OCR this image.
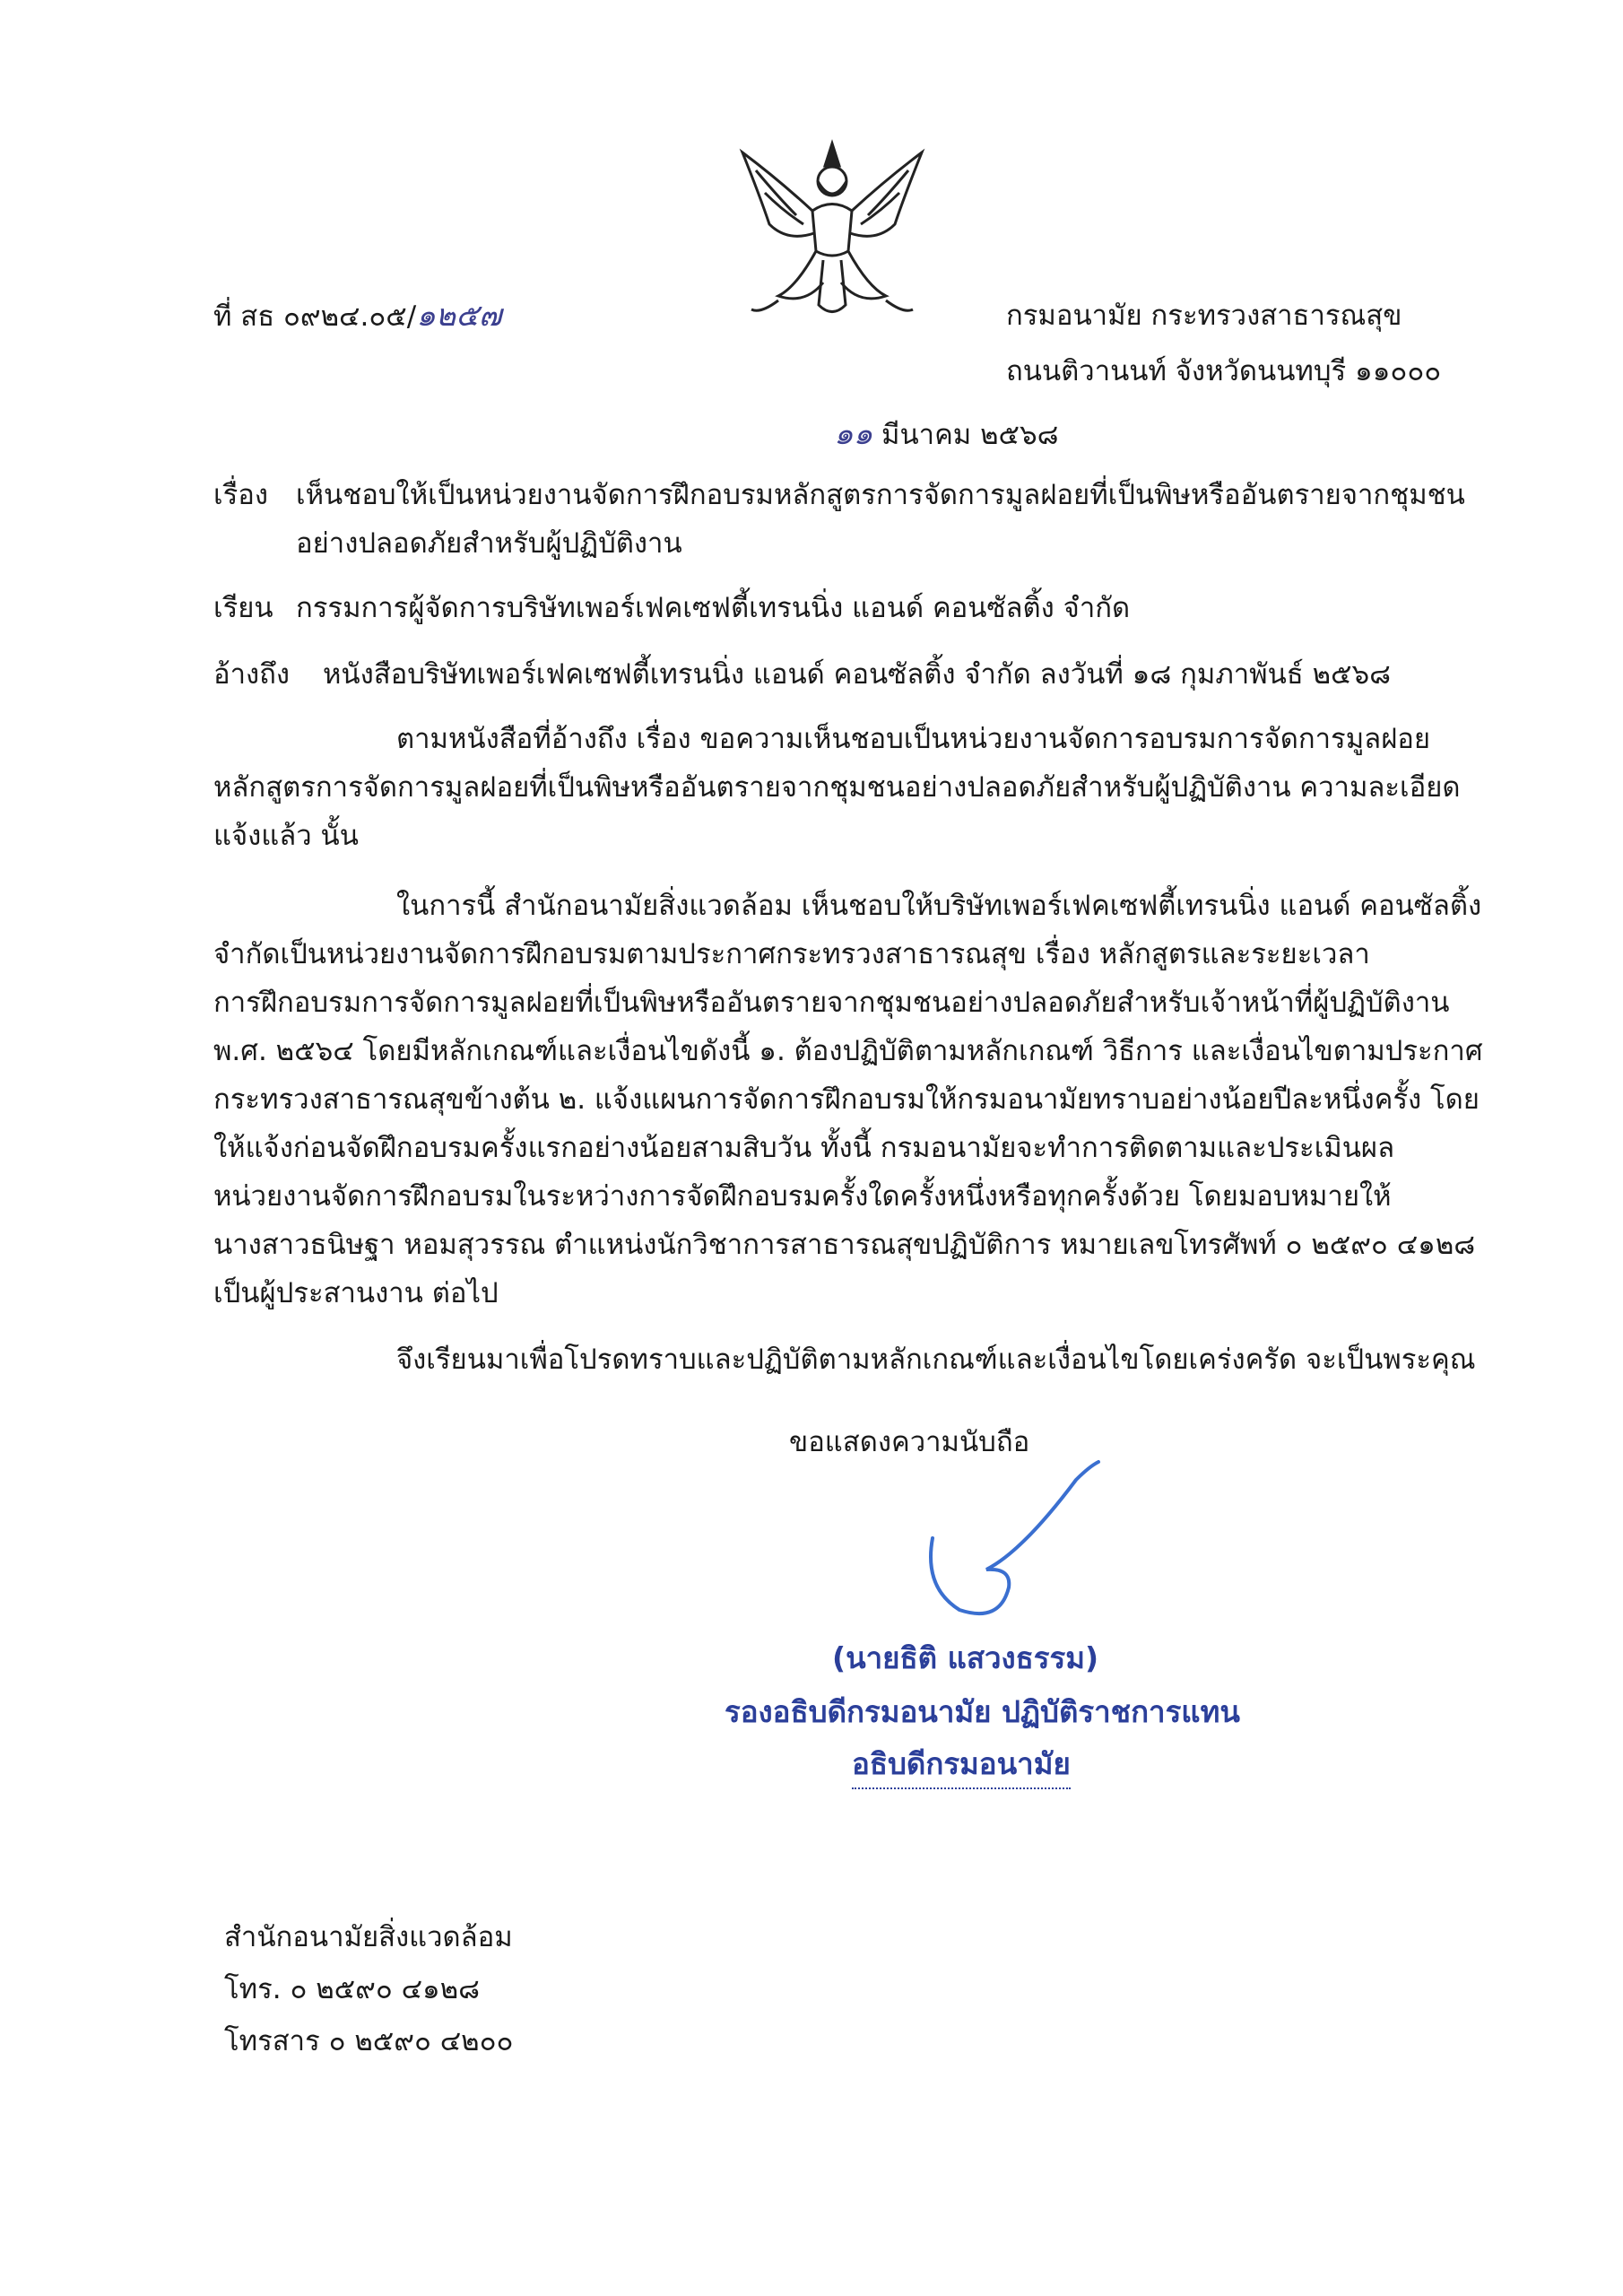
ที่ สธ ๐๙๒๔.๐๕/๑๒๕๗	กรมอนามัย กระทรวงสาธารณสุข
ถนนติวานนท์ จังหวัดนนทบุรี ๑๑๐๐๐
๑๑ มีนาคม ๒๕๖๘
เรื่อง เห็นชอบให้เป็นหน่วยงานจัดการฝึกอบรมหลักสูตรการจัดการมูลฝอยที่เป็นพิษหรืออันตรายจากชุมชน
อย่างปลอดภัยสำหรับผู้ปฏิบัติงาน
เรียน กรรมการผู้จัดการบริษัทเพอร์เฟคเซฟตี้เทรนนิ่ง แอนด์ คอนซัลติ้ง จำกัด
อ้างถึง หนังสือบริษัทเพอร์เฟคเซฟตี้เทรนนิ่ง แอนด์ คอนซัลติ้ง จำกัด ลงวันที่ ๑๘ กุมภาพันธ์ ๒๕๖๘
ตามหนังสือที่อ้างถึง เรื่อง ขอความเห็นชอบเป็นหน่วยงานจัดการอบรมการจัดการมูลฝอย
หลักสูตรการจัดการมูลฝอยที่เป็นพิษหรืออันตรายจากชุมชนอย่างปลอดภัยสำหรับผู้ปฏิบัติงาน ความละเอียด
แจ้งแล้ว นั้น
ในการนี้ สำนักอนามัยสิ่งแวดล้อม เห็นชอบให้บริษัทเพอร์เฟคเซฟตี้เทรนนิ่ง แอนด์ คอนซัลติ้ง
จำกัดเป็นหน่วยงานจัดการฝึกอบรมตามประกาศกระทรวงสาธารณสุข เรื่อง หลักสูตรและระยะเวลา
การฝึกอบรมการจัดการมูลฝอยที่เป็นพิษหรืออันตรายจากชุมชนอย่างปลอดภัยสำหรับเจ้าหน้าที่ผู้ปฏิบัติงาน
พ.ศ. ๒๕๖๔ โดยมีหลักเกณฑ์และเงื่อนไขดังนี้ ๑. ต้องปฏิบัติตามหลักเกณฑ์ วิธีการ และเงื่อนไขตามประกาศ
กระทรวงสาธารณสุขข้างต้น ๒. แจ้งแผนการจัดการฝึกอบรมให้กรมอนามัยทราบอย่างน้อยปีละหนึ่งครั้ง โดย
ให้แจ้งก่อนจัดฝึกอบรมครั้งแรกอย่างน้อยสามสิบวัน ทั้งนี้ กรมอนามัยจะทำการติดตามและประเมินผล
หน่วยงานจัดการฝึกอบรมในระหว่างการจัดฝึกอบรมครั้งใดครั้งหนึ่งหรือทุกครั้งด้วย โดยมอบหมายให้
นางสาวธนิษฐา หอมสุวรรณ ตำแหน่งนักวิชาการสาธารณสุขปฏิบัติการ หมายเลขโทรศัพท์ ๐ ๒๕๙๐ ๔๑๒๘
เป็นผู้ประสานงาน ต่อไป
จึงเรียนมาเพื่อโปรดทราบและปฏิบัติตามหลักเกณฑ์และเงื่อนไขโดยเคร่งครัด จะเป็นพระคุณ
ขอแสดงความนับถือ
(นายธิติ แสวงธรรม)
รองอธิบดีกรมอนามัย ปฏิบัติราชการแทน
อธิบดีกรมอนามัย
สำนักอนามัยสิ่งแวดล้อม
โทร. ๐ ๒๕๙๐ ๔๑๒๘
โทรสาร ๐ ๒๕๙๐ ๔๒๐๐
